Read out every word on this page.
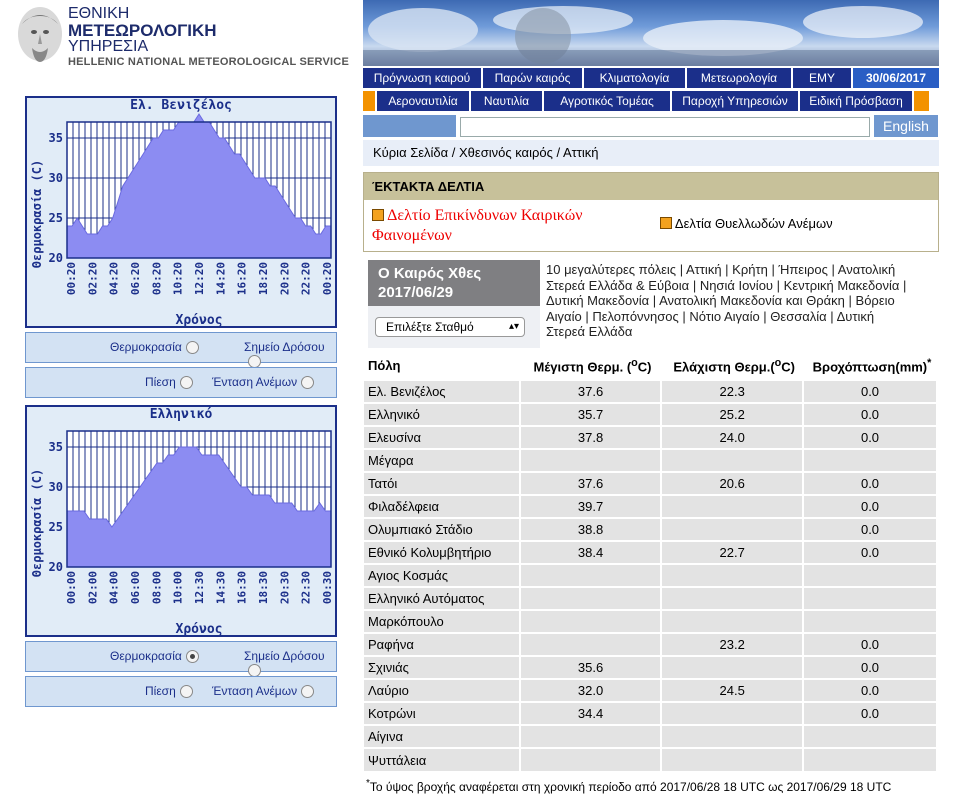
ΕΘΝΙΚΗ
ΜΕΤΕΩΡΟΛΟΓΙΚΗ
ΥΠΗΡΕΣΙΑ
HELLENIC NATIONAL METEOROLOGICAL SERVICE
Πρόγνωση καιρού	Παρών καιρός	Κλιματολογία	Μετεωρολογία	ΕΜΥ	30/06/2017
Αεροναυτιλία	Ναυτιλία	Αγροτικός Τομέας	Παροχή Υπηρεσιών	Ειδική Πρόσβαση
English
Κύρια Σελίδα / Χθεσινός καιρός / Αττική
ΈΚΤΑΚΤΑ ΔΕΛΤΙΑ
Δελτίο Επικίνδυνων Καιρικών Φαινομένων
Δελτία Θυελλωδών Ανέμων
Ο Καιρός Χθες 2017/06/29
Επιλέξτε Σταθμό	▴▾
10 μεγαλύτερες πόλεις | Αττική | Κρήτη | Ήπειρος | Ανατολική Στερεά Ελλάδα & Εύβοια | Νησιά Ιονίου | Κεντρική Μακεδονία | Δυτική Μακεδονία | Ανατολική Μακεδονία και Θράκη | Βόρειο Αιγαίο | Πελοπόννησος | Νότιο Αιγαίο | Θεσσαλία | Δυτική Στερεά Ελλάδα
Πόλη	Μέγιστη Θερμ. ($^o$C)	Ελάχιστη Θερμ.($^o$C)	Βροχόπτωση(mm)*
Ελ. Βενιζέλος	37.6	22.3	0.0
Ελληνικό	35.7	25.2	0.0
Ελευσίνα	37.8	24.0	0.0
Μέγαρα			
Τατόι	37.6	20.6	0.0
Φιλαδέλφεια	39.7		0.0
Ολυμπιακό Στάδιο	38.8		0.0
Εθνικό Κολυμβητήριο	38.4	22.7	0.0
Αγιος Κοσμάς			
Ελληνικό Αυτόματος			
Μαρκόπουλο			
Ραφήνα		23.2	0.0
Σχινιάς	35.6		0.0
Λαύριο	32.0	24.5	0.0
Κοτρώνι	34.4		0.0
Αίγινα			
Ψυττάλεια			
*Το ύψος βροχής αναφέρεται στη χρονική περίοδο από 2017/06/28 18 UTC ως 2017/06/29 18 UTC
Ελ. Βενιζέλος
20
25
30
35
00:20 02:20 04:20 06:20 08:20 10:20 12:20 14:20 16:20 18:20 20:20 22:20 00:20
Χρόνος
Θερμοκρασία (C)
Θερμοκρασία	Σημείο Δρόσου
Πίεση	Ένταση Ανέμων
Ελληνικό
20
25
30
35
00:00 02:00 04:00 06:00 08:00 10:00 12:30 14:30 16:30 18:30 20:30 22:30 00:30
Χρόνος
Θερμοκρασία (C)
Θερμοκρασία	Σημείο Δρόσου
Πίεση	Ένταση Ανέμων
